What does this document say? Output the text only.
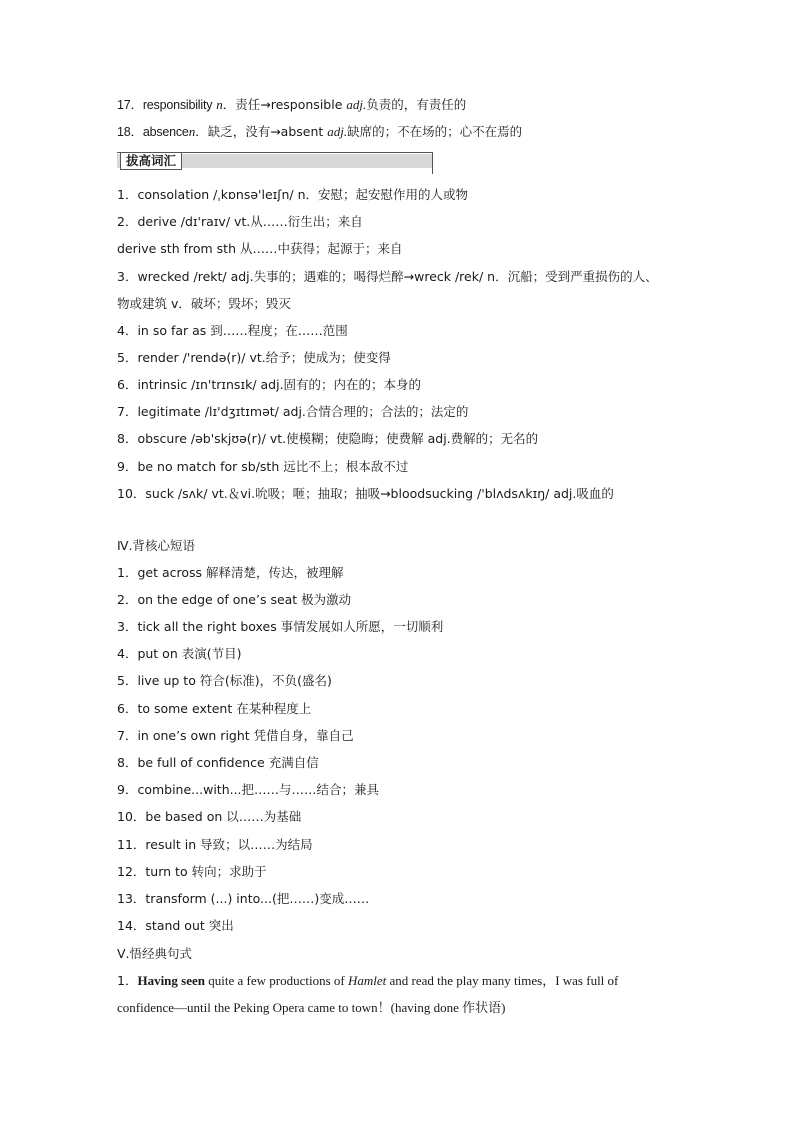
17．responsibility n．责任→responsible adj.负责的，有责任的
18．absencen．缺乏，没有→absent adj.缺席的；不在场的；心不在焉的
拔高词汇
1．consolation /ˌkɒnsə'leɪʃn/ n．安慰；起安慰作用的人或物
2．derive /dɪ'raɪv/ vt.从……衍生出；来自
derive sth from sth 从……中获得；起源于；来自
3．wrecked /rekt/ adj.失事的；遇难的；喝得烂醉→wreck /rek/ n．沉船；受到严重损伤的人、
物或建筑 v．破坏；毁坏；毁灭
4．in so far as 到……程度；在……范围
5．render /'rendə(r)/ vt.给予；使成为；使变得
6．intrinsic /ɪn'trɪnsɪk/ adj.固有的；内在的；本身的
7．legitimate /lɪ'dʒɪtɪmət/ adj.合情合理的；合法的；法定的
8．obscure /əb'skjʊə(r)/ vt.使模糊；使隐晦；使费解 adj.费解的；无名的
9．be no match for sb/sth 远比不上；根本敌不过
10．suck /sʌk/ vt.＆vi.吮吸；咂；抽取；抽吸→bloodsucking /'blʌdsʌkɪŋ/ adj.吸血的
Ⅳ.背核心短语
1．get across 解释清楚，传达，被理解
2．on the edge of one’s seat 极为激动
3．tick all the right boxes 事情发展如人所愿，一切顺利
4．put on 表演(节目)
5．live up to 符合(标准)，不负(盛名)
6．to some extent 在某种程度上
7．in one’s own right 凭借自身，靠自己
8．be full of confidence 充满自信
9．combine...with...把……与……结合；兼具
10．be based on 以……为基础
11．result in 导致；以……为结局
12．turn to 转向；求助于
13．transform (...) into...(把……)变成……
14．stand out 突出
Ⅴ.悟经典句式
1．Having seen quite a few productions of Hamlet and read the play many times，I was full of
confidence—until the Peking Opera came to town！(having done 作状语)
